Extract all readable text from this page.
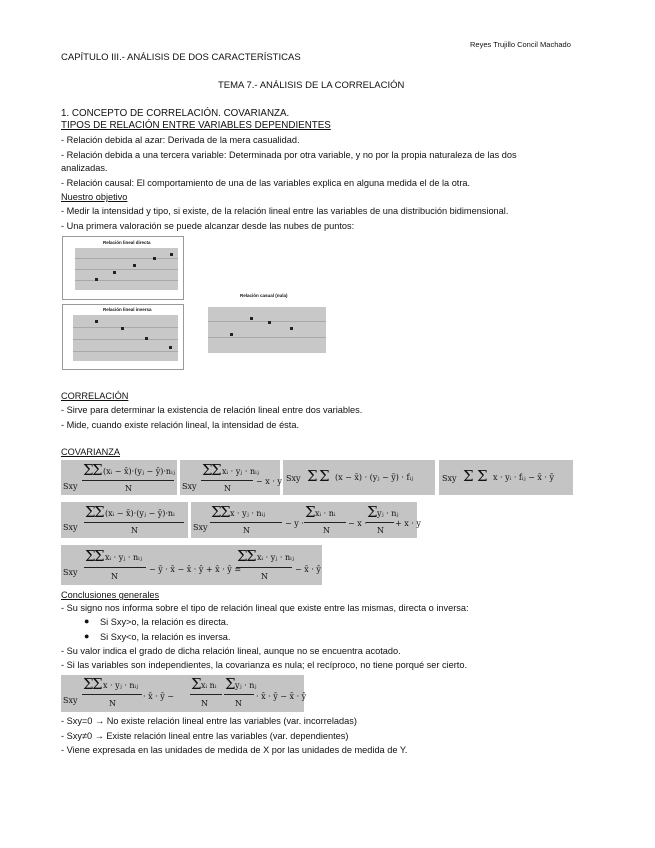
Reyes Trujillo Concil Machado
CAPÍTULO III.- ANÁLISIS DE DOS CARACTERÍSTICAS
TEMA 7.- ANÁLISIS DE LA CORRELACIÓN
1. CONCEPTO DE CORRELACIÓN. COVARIANZA.
TIPOS DE RELACIÓN ENTRE VARIABLES DEPENDIENTES
- Relación debida al azar: Derivada de la mera casualidad.
- Relación debida a una tercera variable: Determinada por otra variable, y no por la propia naturaleza de las dos
analizadas.
- Relación causal: El comportamiento de una de las variables explica en alguna medida el de la otra.
Nuestro objetivo
- Medir la intensidad y tipo, si existe, de la relación lineal entre las variables de una distribución bidimensional.
- Una primera valoración se puede alcanzar desde las nubes de puntos:
Relación lineal directa
Relación lineal inversa
Relación casual (nula)
CORRELACIÓN
- Sirve para determinar la existencia de relación lineal entre dos variables.
- Mide, cuando existe relación lineal, la intensidad de ésta.
COVARIANZA
Sxy
Σ
Σ (xᵢ − x̄)·(yⱼ − ȳ)·nᵢⱼ
N	Sxy
Σ
Σ xᵢ · yⱼ · nᵢⱼ
N
− x · y Sxy Σ Σ (x − x̄) · (yⱼ − ȳ) · fᵢⱼ	Sxy Σ Σ x · yᵢ · fᵢⱼ − x̄ · ȳ
Sxy
Σ
Σ (xᵢ − x̄)·(yⱼ − ȳ)·nᵢ
N	Sxy
Σ
Σ x · yⱼ · nᵢⱼ
N
− y ·
Σ xᵢ · nᵢ
N
− x ·
Σ yⱼ · nⱼ
N
+ x · y
Sxy
Σ
Σ xᵢ · yⱼ · nᵢⱼ
N
− ȳ · x̄ − x̄ · ȳ + x̄ · ȳ =
Σ
Σ xᵢ · yⱼ · nᵢⱼ
N
− x̄ · ȳ
Conclusiones generales
- Su signo nos informa sobre el tipo de relación lineal que existe entre las mismas, directa o inversa:
● Si Sxy>o, la relación es directa.
● Si Sxy<o, la relación es inversa.
- Su valor indica el grado de dicha relación lineal, aunque no se encuentra acotado.
- Si las variables son independientes, la covarianza es nula; el recíproco, no tiene porqué ser cierto.
Sxy
Σ
Σ x · yⱼ · nᵢⱼ
N
· x̄ · ȳ −
Σ xᵢ nᵢ
N
Σ yⱼ · nⱼ
N
· x̄ · ȳ − x̄ · ȳ
- Sxy=0 → No existe relación lineal entre las variables (var. incorreladas)
- Sxy≠0 → Existe relación lineal entre las variables (var. dependientes)
- Viene expresada en las unidades de medida de X por las unidades de medida de Y.
